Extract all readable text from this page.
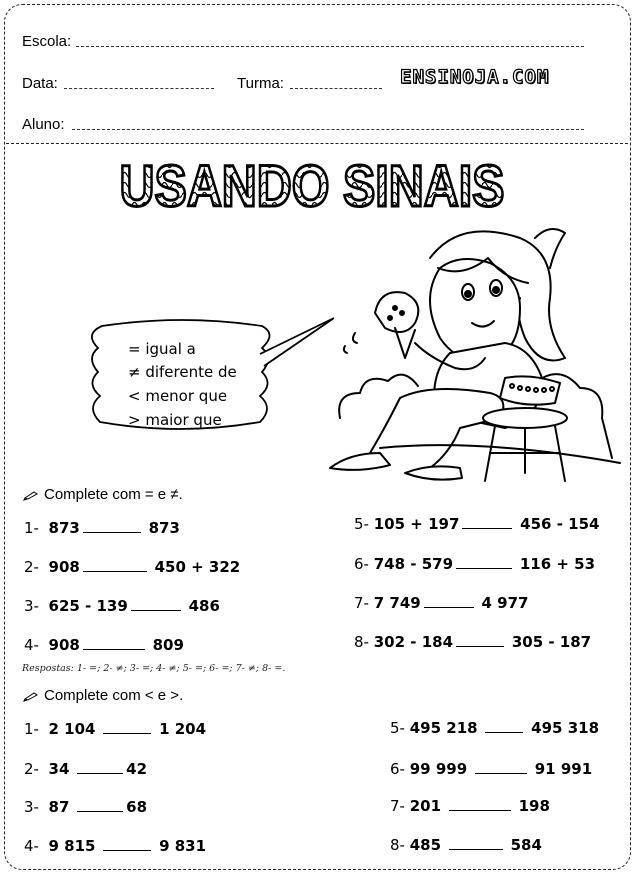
Escola:
Data:	Turma:	ENSINOJA.COM
Aluno:
USANDO SINAIS
= igual a
≠ diferente de
< menor que
> maior que
Complete com = e ≠.
1- 873	873
2- 908	450 + 322
3- 625 - 139	486
4- 908	809
5- 105 + 197	456 - 154
6- 748 - 579	116 + 53
7- 7 749	4 977
8- 302 - 184	305 - 187
Respostas: 1- =; 2- ≠; 3- =; 4- ≠; 5- =; 6- =; 7- ≠; 8- =.
Complete com < e >.
1- 2 104	1 204
2- 34	42
3- 87	68
4- 9 815	9 831
5- 495 218	495 318
6- 99 999	91 991
7- 201	198
8- 485	584
